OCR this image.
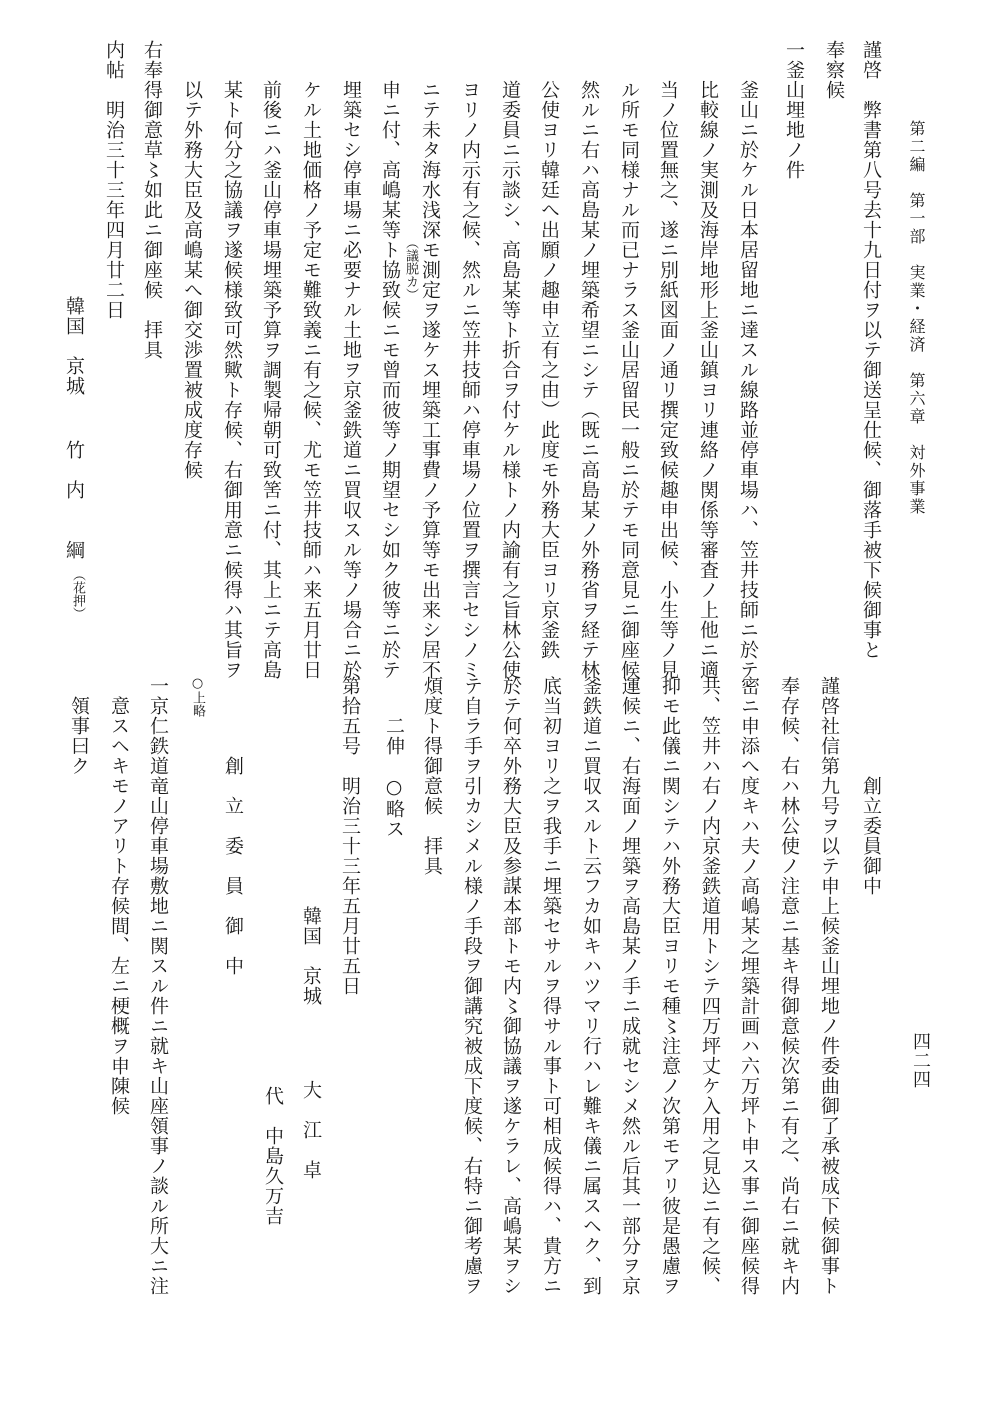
第二編　第一部　実業・経済　第六章　対外事業
四二四
謹啓　弊書第八号去十九日付ヲ以テ御送呈仕候、御落手被下候御事と
奉察候
一釜山埋地ノ件
釜山ニ於ケル日本居留地ニ達スル線路並停車場ハ、笠井技師ニ於テ
比較線ノ実測及海岸地形上釜山鎮ヨリ連絡ノ関係等審査ノ上他ニ適
当ノ位置無之、遂ニ別紙図面ノ通リ撰定致候趣申出候、小生等ノ見
ル所モ同様ナル而已ナラス釜山居留民一般ニ於テモ同意見ニ御座候
然ルニ右ハ高島某ノ埋築希望ニシテ（既ニ高島某ノ外務省ヲ経テ林
公使ヨリ韓廷へ出願ノ趣申立有之由）此度モ外務大臣ヨリ京釜鉄
道委員ニ示談シ、高島某等ト折合ヲ付ケル様トノ内諭有之旨林公使
ヨリノ内示有之候、然ルニ笠井技師ハ停車場ノ位置ヲ撰言セシノミ
ニテ未タ海水浅深モ測定ヲ遂ケス埋築工事費ノ予算等モ出来シ居不
（議脱カ）
申ニ付、高嶋某等ト協致候ニモ曾而彼等ノ期望セシ如ク彼等ニ於テ
埋築セシ停車場ニ必要ナル土地ヲ京釜鉄道ニ買収スル等ノ場合ニ於
ケル土地価格ノ予定モ難致義ニ有之候、尤モ笠井技師ハ来五月廿日
前後ニハ釜山停車場埋築予算ヲ調製帰朝可致筈ニ付、其上ニテ高島
某ト何分之協議ヲ遂候様致可然歟ト存候、右御用意ニ候得ハ其旨ヲ
以テ外務大臣及高嶋某へ御交渉置被成度存候
右奉得御意草〻如此ニ御座候　拝具
内帖　明治三十三年四月廿二日
韓国　京城
竹　内　　綱
（花押）
創立委員御中
謹啓社信第九号ヲ以テ申上候釜山埋地ノ件委曲御了承被成下候御事ト
奉存候、右ハ林公使ノ注意ニ基キ得御意候次第ニ有之、尚右ニ就キ内
密ニ申添へ度キハ夫ノ高嶋某之埋築計画ハ六万坪ト申ス事ニ御座候得
共、笠井ハ右ノ内京釜鉄道用トシテ四万坪丈ケ入用之見込ニ有之候、
抑モ此儀ニ関シテハ外務大臣ヨリモ種〻注意ノ次第モアリ彼是愚慮ヲ
運候ニ、右海面ノ埋築ヲ高島某ノ手ニ成就セシメ然ル后其一部分ヲ京
釜鉄道ニ買収スルト云フカ如キハツマリ行ハレ難キ儀ニ属スヘク、到
底当初ヨリ之ヲ我手ニ埋築セサルヲ得サル事ト可相成候得ハ、貴方ニ
於テ何卒外務大臣及参謀本部トモ内〻御協議ヲ遂ケラレ、高嶋某ヲシ
テ自ラ手ヲ引カシメル様ノ手段ヲ御講究被成下度候、右特ニ御考慮ヲ
煩度ト得御意候　拝具
二伸　○略ス
韓国　京城
大　江　卓
代　中島久万吉
第拾五号　明治三十三年五月廿五日
創　立　委　員　御　中
○上略
一京仁鉄道竜山停車場敷地ニ関スル件ニ就キ山座領事ノ談ル所大ニ注
意スヘキモノアリト存候間、左ニ梗概ヲ申陳候
領事曰ク
